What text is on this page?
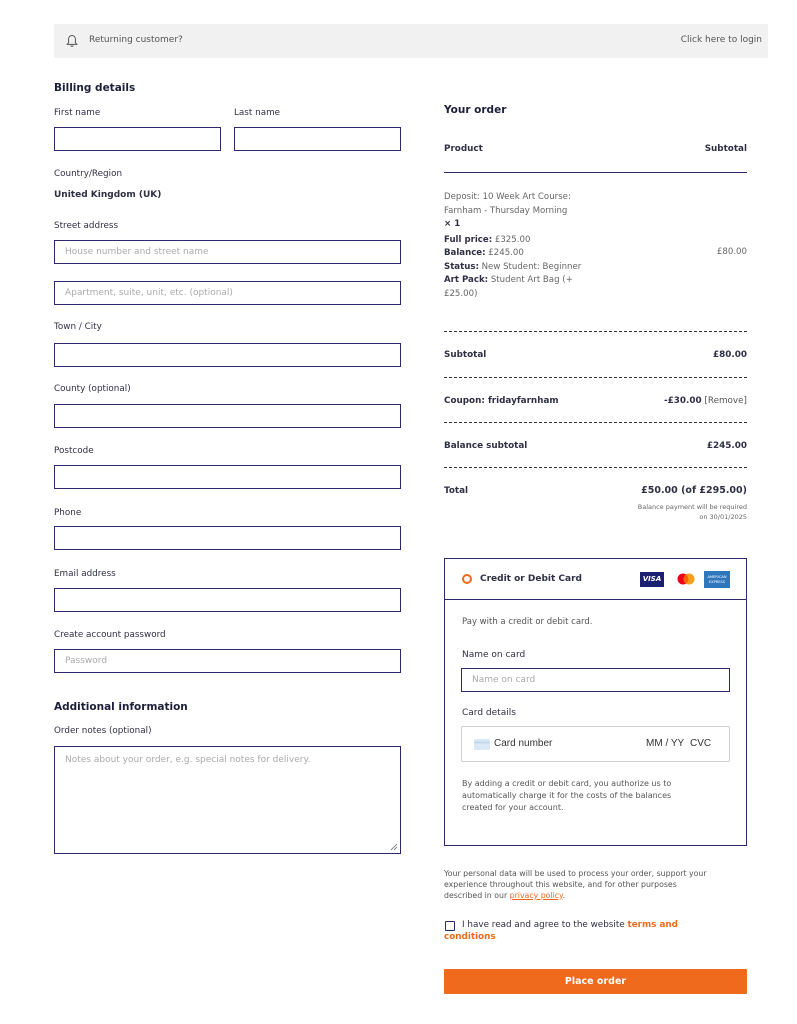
Returning customer?	Click here to login
Billing details
First name	Last name
Country/Region
United Kingdom (UK)
Street address
House number and street name
Apartment, suite, unit, etc. (optional)
Town / City
County (optional)
Postcode
Phone
Email address
Create account password
Password
Additional information
Order notes (optional)
Notes about your order, e.g. special notes for delivery.
Your order
Product	Subtotal
Deposit: 10 Week Art Course:
Farnham - Thursday Morning
× 1
Full price: £325.00
Balance: £245.00
Status: New Student: Beginner
Art Pack: Student Art Bag (+
£25.00)
£80.00
Subtotal	£80.00
Coupon: fridayfarnham	-£30.00 [Remove]
Balance subtotal	£245.00
Total	£50.00 (of £295.00)
Balance payment will be required
on 30/01/2025
Credit or Debit Card	VISA	AMERICAN
EXPRESS
Pay with a credit or debit card.
Name on card
Name on card
Card details
Card number	MM / YY CVC
By adding a credit or debit card, you authorize us to
automatically charge it for the costs of the balances
created for your account.
Your personal data will be used to process your order, support your
experience throughout this website, and for other purposes
described in our privacy policy.
I have read and agree to the website terms and
conditions
Place order
